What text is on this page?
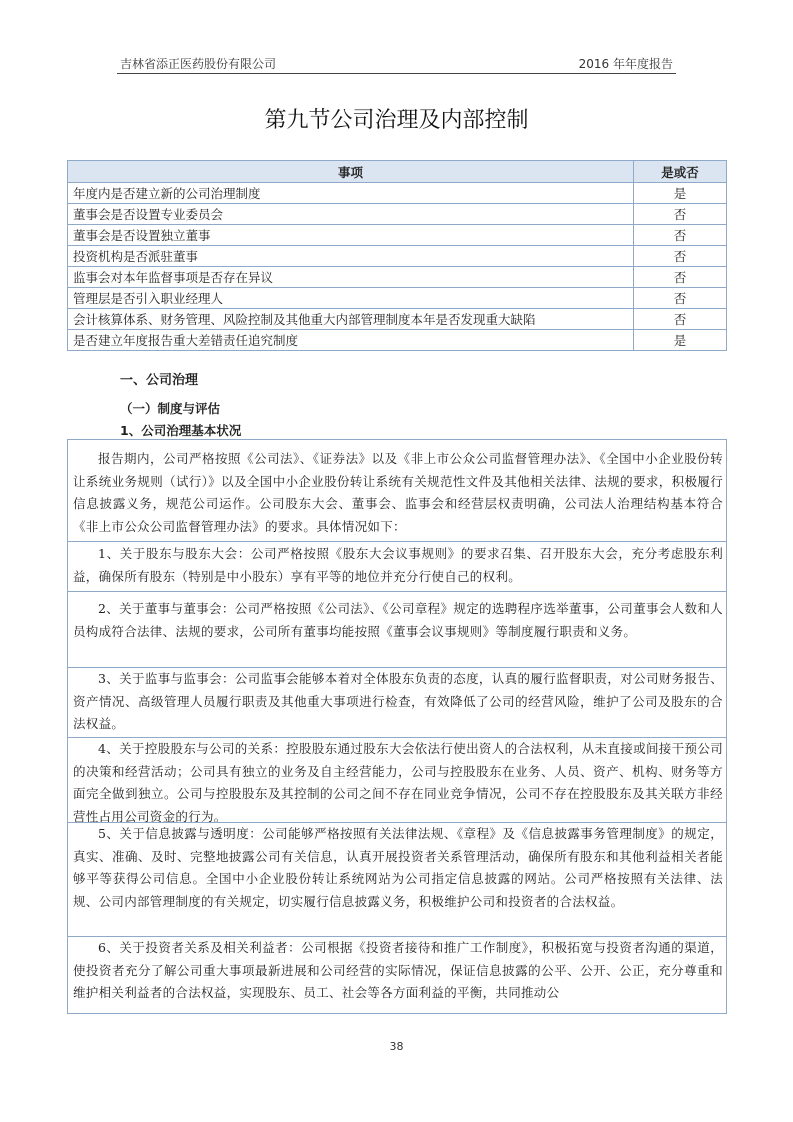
吉林省添正医药股份有限公司	2016 年年度报告
第九节公司治理及内部控制
事项	是或否
年度内是否建立新的公司治理制度	是
董事会是否设置专业委员会	否
董事会是否设置独立董事	否
投资机构是否派驻董事	否
监事会对本年监督事项是否存在异议	否
管理层是否引入职业经理人	否
会计核算体系、财务管理、风险控制及其他重大内部管理制度本年是否发现重大缺陷	否
是否建立年度报告重大差错责任追究制度	是
一、公司治理
（一）制度与评估
1、公司治理基本状况

报告期内，公司严格按照《公司法》、《证券法》以及《非上市公众公司监督管理办法》、《全国中小企业股份转让系统业务规则（试行）》以及全国中小企业股份转让系统有关规范性文件及其他相关法律、法规的要求，积极履行信息披露义务，规范公司运作。公司股东大会、董事会、监事会和经营层权责明确，公司法人治理结构基本符合《非上市公众公司监督管理办法》的要求。具体情况如下：

1、关于股东与股东大会：公司严格按照《股东大会议事规则》的要求召集、召开股东大会，充分考虑股东利益，确保所有股东（特别是中小股东）享有平等的地位并充分行使自己的权利。

2、关于董事与董事会：公司严格按照《公司法》、《公司章程》规定的选聘程序选举董事，公司董事会人数和人员构成符合法律、法规的要求，公司所有董事均能按照《董事会议事规则》等制度履行职责和义务。

3、关于监事与监事会：公司监事会能够本着对全体股东负责的态度，认真的履行监督职责，对公司财务报告、资产情况、高级管理人员履行职责及其他重大事项进行检查，有效降低了公司的经营风险，维护了公司及股东的合法权益。

4、关于控股股东与公司的关系：控股股东通过股东大会依法行使出资人的合法权利，从未直接或间接干预公司的决策和经营活动；公司具有独立的业务及自主经营能力，公司与控股股东在业务、人员、资产、机构、财务等方面完全做到独立。公司与控股股东及其控制的公司之间不存在同业竞争情况，公司不存在控股股东及其关联方非经营性占用公司资金的行为。

5、关于信息披露与透明度：公司能够严格按照有关法律法规、《章程》及《信息披露事务管理制度》的规定，真实、准确、及时、完整地披露公司有关信息，认真开展投资者关系管理活动，确保所有股东和其他利益相关者能够平等获得公司信息。全国中小企业股份转让系统网站为公司指定信息披露的网站。公司严格按照有关法律、法规、公司内部管理制度的有关规定，切实履行信息披露义务，积极维护公司和投资者的合法权益。

6、关于投资者关系及相关利益者：公司根据《投资者接待和推广工作制度》，积极拓宽与投资者沟通的渠道，使投资者充分了解公司重大事项最新进展和公司经营的实际情况，保证信息披露的公平、公开、公正，充分尊重和维护相关利益者的合法权益，实现股东、员工、社会等各方面利益的平衡，共同推动公

38
